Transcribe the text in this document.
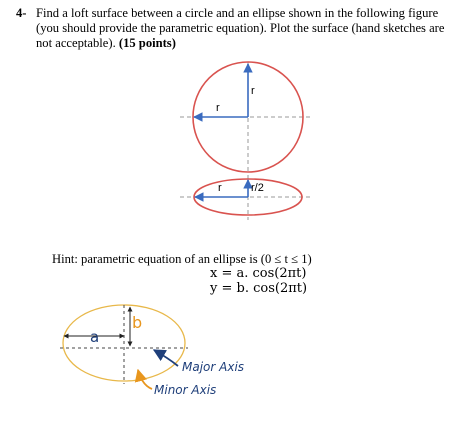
4- Find a loft surface between a circle and an ellipse shown in the following figure (you should provide the parametric equation). Plot the surface (hand sketches are not acceptable). (15 points)
r
r
r	r/2
a
b
Major Axis
Minor Axis
Hint: parametric equation of an ellipse is (0 ≤ t ≤ 1)
x = a. cos(2πt)
y = b. cos(2πt)
